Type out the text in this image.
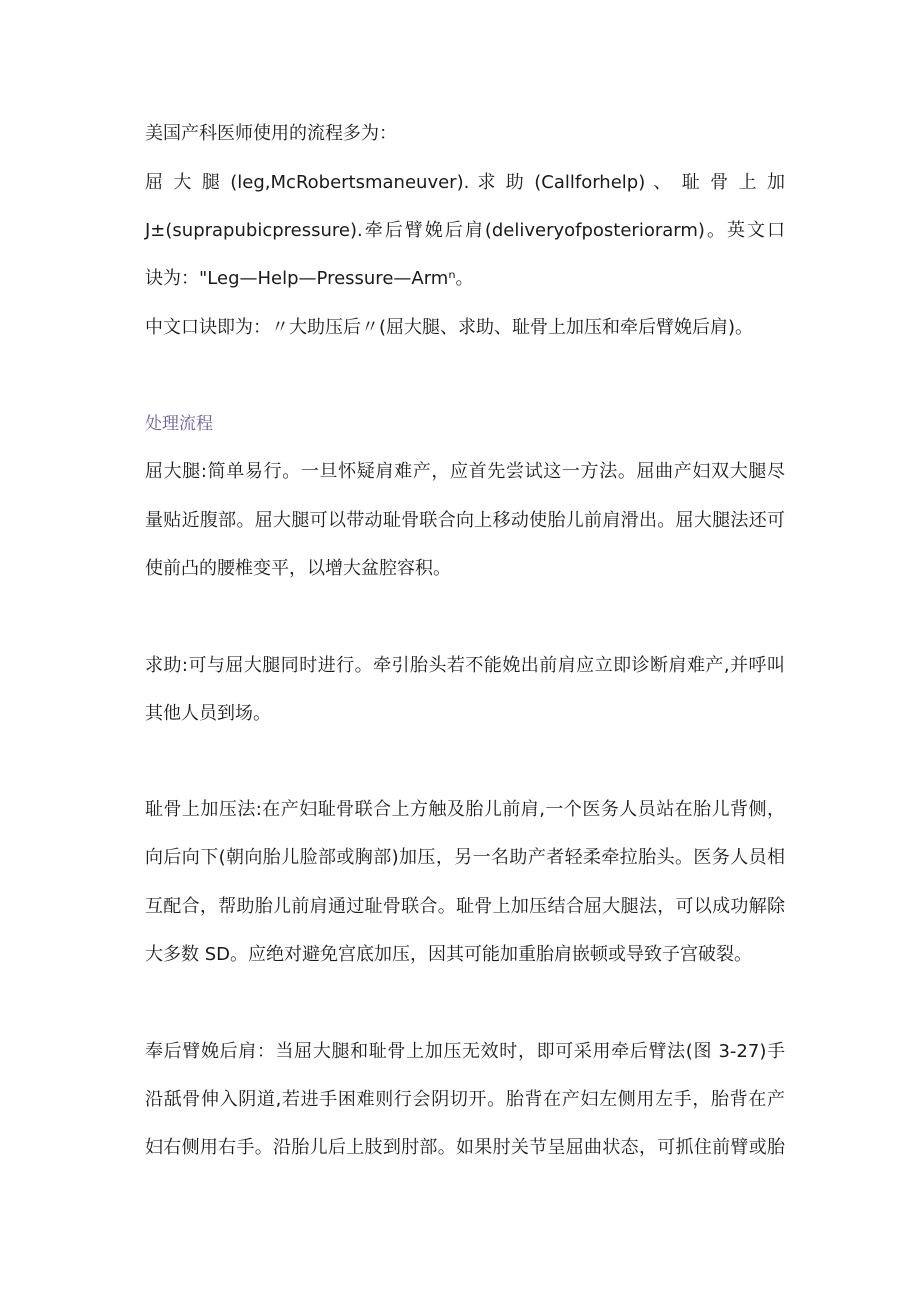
美国产科医师使用的流程多为：

屈 大 腿 (leg,McRobertsmaneuver). 求 助 (Callforhelp) 、 耻 骨 上 加

J±(suprapubicpressure).牵后臂娩后肩(deliveryofposteriorarm)。英文口

诀为："Leg—Help—Pressure—Armⁿ。

中文口诀即为：〃大助压后〃(屈大腿、求助、耻骨上加压和牵后臂娩后肩)。

处理流程

屈大腿:简单易行。一旦怀疑肩难产，应首先尝试这一方法。屈曲产妇双大腿尽

量贴近腹部。屈大腿可以带动耻骨联合向上移动使胎儿前肩滑出。屈大腿法还可

使前凸的腰椎变平，以增大盆腔容积。

求助:可与屈大腿同时进行。牵引胎头若不能娩出前肩应立即诊断肩难产,并呼叫

其他人员到场。

耻骨上加压法:在产妇耻骨联合上方触及胎儿前肩,一个医务人员站在胎儿背侧，

向后向下(朝向胎儿脸部或胸部)加压，另一名助产者轻柔牵拉胎头。医务人员相

互配合，帮助胎儿前肩通过耻骨联合。耻骨上加压结合屈大腿法，可以成功解除

大多数 SD。应绝对避免宫底加压，因其可能加重胎肩嵌顿或导致子宫破裂。

奉后臂娩后肩：当屈大腿和耻骨上加压无效时，即可采用牵后臂法(图 3-27)手

沿舐骨伸入阴道,若进手困难则行会阴切开。胎背在产妇左侧用左手，胎背在产

妇右侧用右手。沿胎儿后上肢到肘部。如果肘关节呈屈曲状态，可抓住前臂或胎
